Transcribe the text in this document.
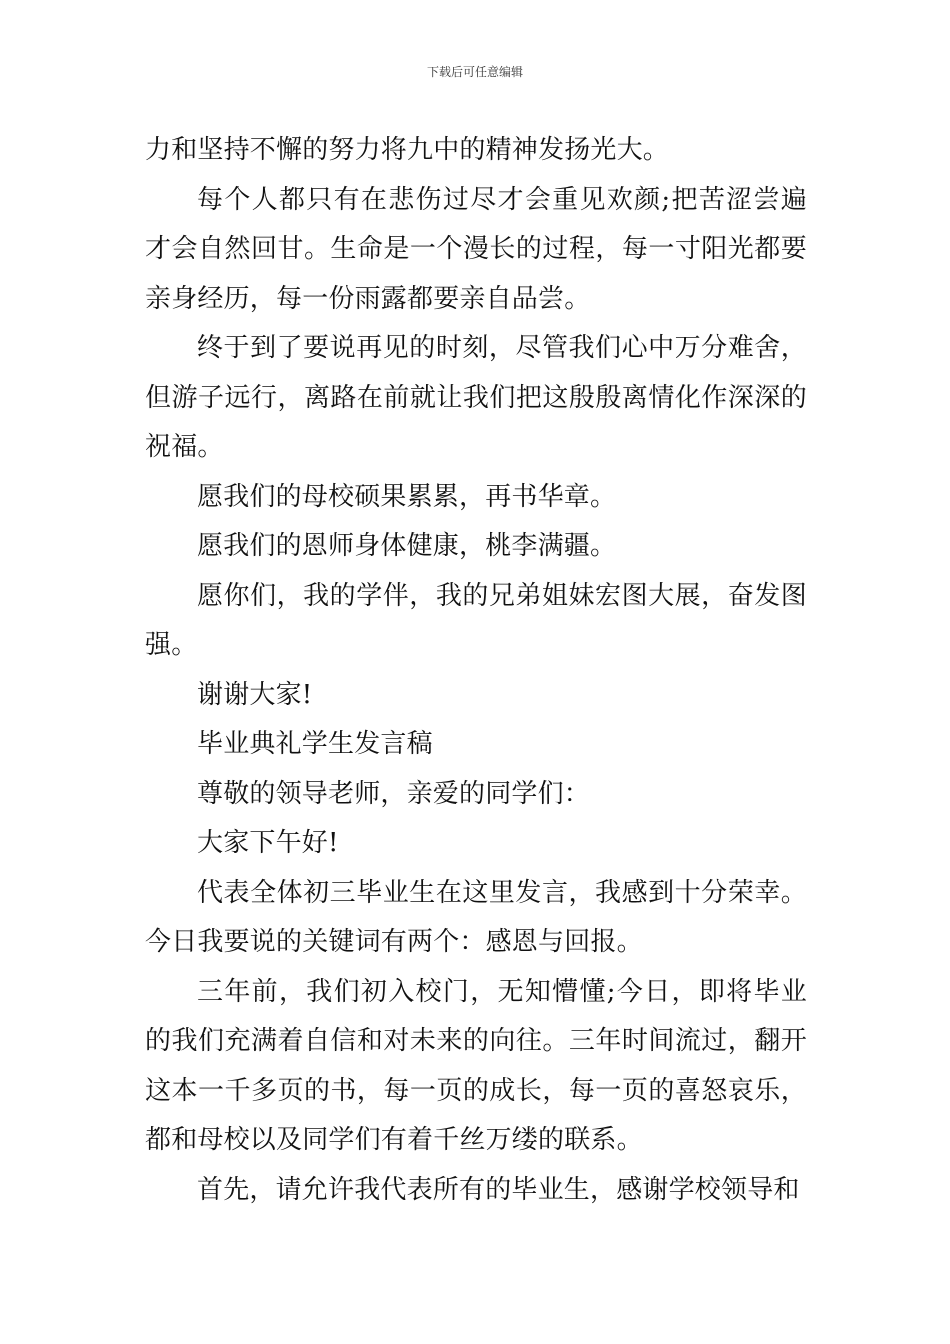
下载后可任意编辑

力和坚持不懈的努力将九中的精神发扬光大。

每个人都只有在悲伤过尽才会重见欢颜;把苦涩尝遍才会自然回甘。生命是一个漫长的过程，每一寸阳光都要亲身经历，每一份雨露都要亲自品尝。

终于到了要说再见的时刻，尽管我们心中万分难舍，但游子远行，离路在前就让我们把这殷殷离情化作深深的祝福。

愿我们的母校硕果累累，再书华章。

愿我们的恩师身体健康，桃李满疆。

愿你们，我的学伴，我的兄弟姐妹宏图大展，奋发图强。

谢谢大家!

毕业典礼学生发言稿

尊敬的领导老师，亲爱的同学们：

大家下午好!

代表全体初三毕业生在这里发言，我感到十分荣幸。今日我要说的关键词有两个：感恩与回报。

三年前，我们初入校门，无知懵懂;今日，即将毕业的我们充满着自信和对未来的向往。三年时间流过，翻开这本一千多页的书，每一页的成长，每一页的喜怒哀乐，都和母校以及同学们有着千丝万缕的联系。

首先，请允许我代表所有的毕业生，感谢学校领导和
